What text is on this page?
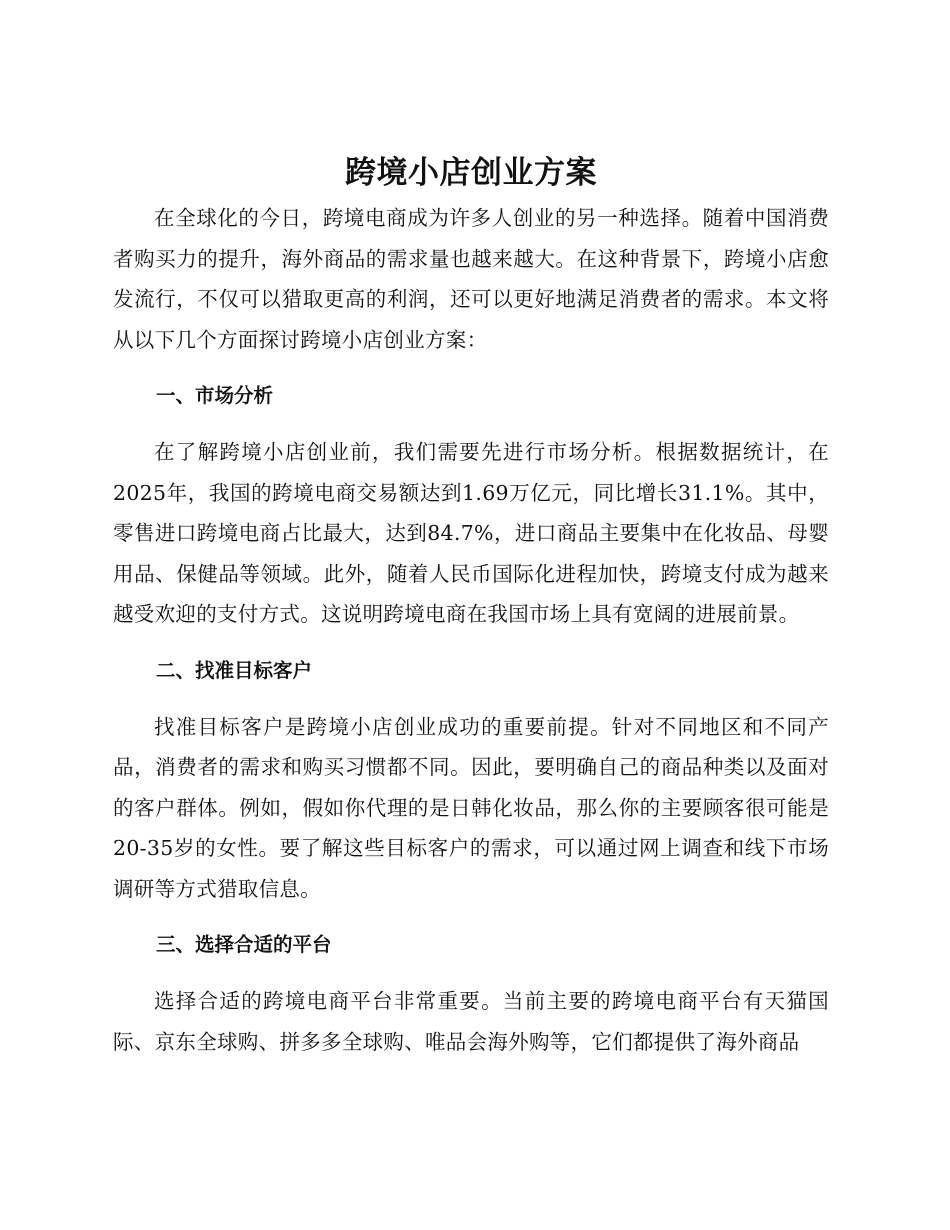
跨境小店创业方案

在全球化的今日，跨境电商成为许多人创业的另一种选择。随着中国消费者购买力的提升，海外商品的需求量也越来越大。在这种背景下，跨境小店愈发流行，不仅可以猎取更高的利润，还可以更好地满足消费者的需求。本文将从以下几个方面探讨跨境小店创业方案：

一、市场分析

在了解跨境小店创业前，我们需要先进行市场分析。根据数据统计，在2025年，我国的跨境电商交易额达到1.69万亿元，同比增长31.1%。其中，零售进口跨境电商占比最大，达到84.7%，进口商品主要集中在化妆品、母婴用品、保健品等领域。此外，随着人民币国际化进程加快，跨境支付成为越来越受欢迎的支付方式。这说明跨境电商在我国市场上具有宽阔的进展前景。

二、找准目标客户

找准目标客户是跨境小店创业成功的重要前提。针对不同地区和不同产品，消费者的需求和购买习惯都不同。因此，要明确自己的商品种类以及面对的客户群体。例如，假如你代理的是日韩化妆品，那么你的主要顾客很可能是20-35岁的女性。要了解这些目标客户的需求，可以通过网上调查和线下市场调研等方式猎取信息。

三、选择合适的平台

选择合适的跨境电商平台非常重要。当前主要的跨境电商平台有天猫国际、京东全球购、拼多多全球购、唯品会海外购等，它们都提供了海外商品
